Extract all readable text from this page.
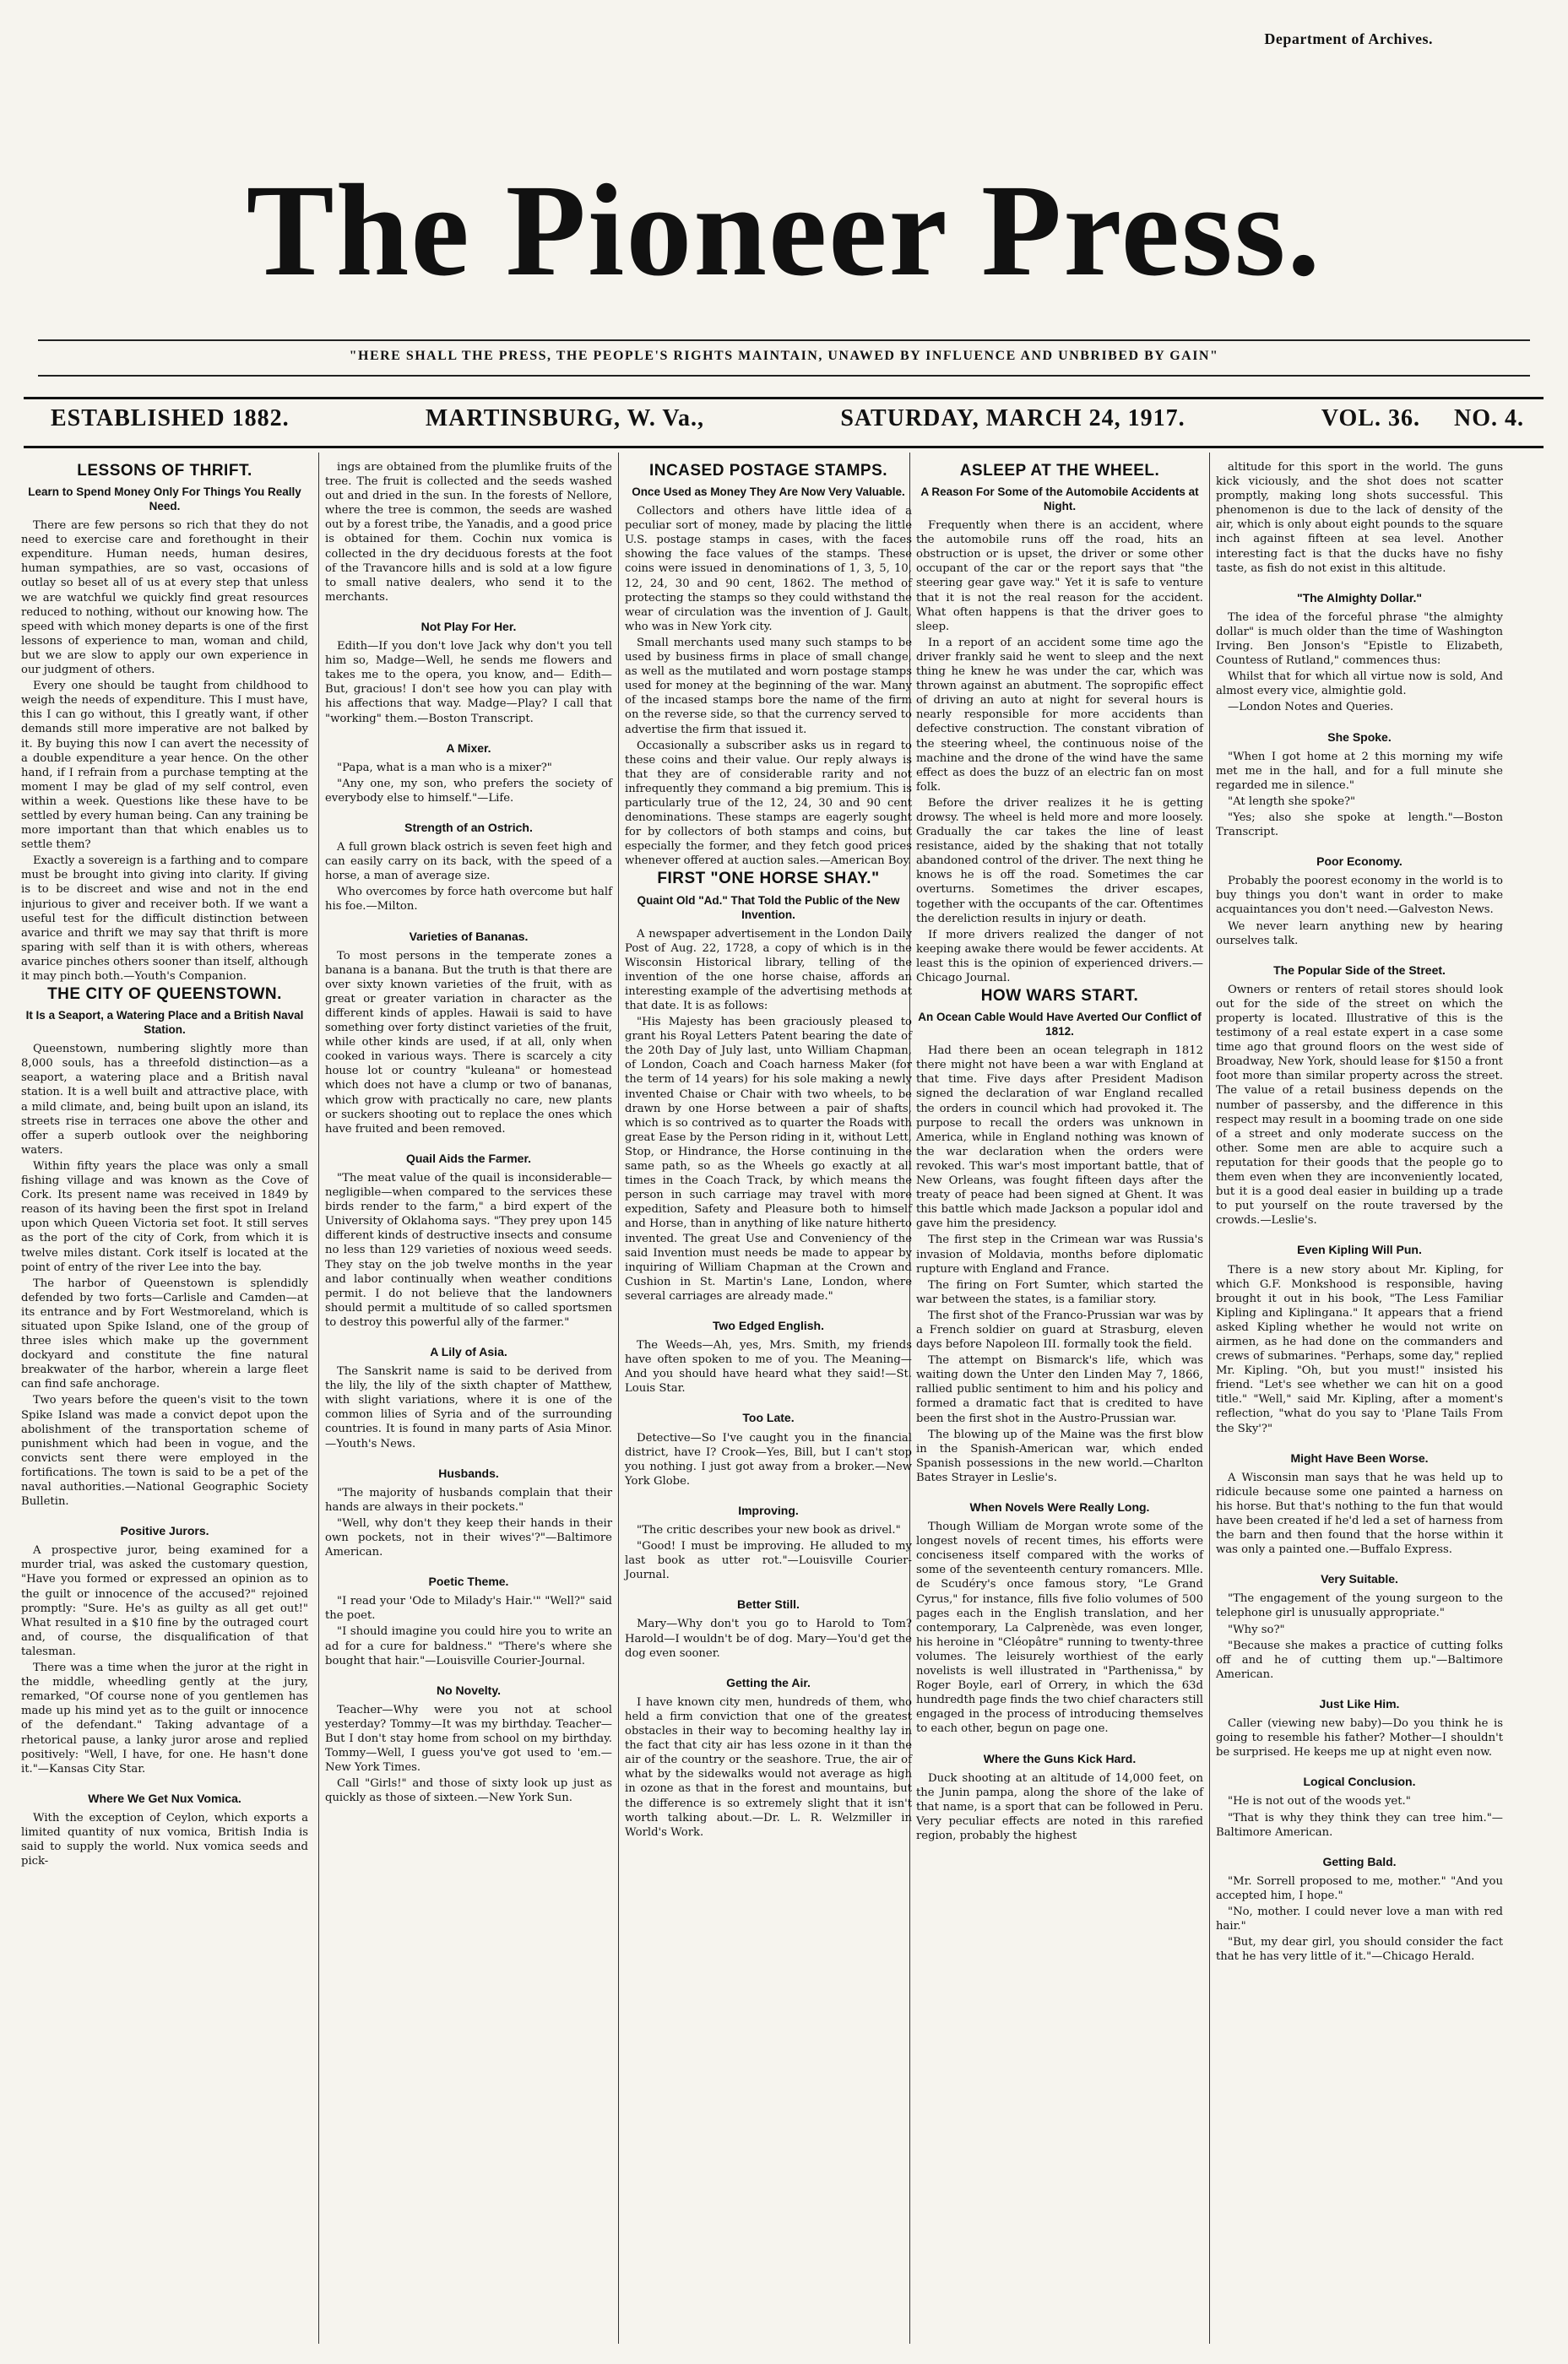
Department of Archives.
The Pioneer Press.
"HERE SHALL THE PRESS, THE PEOPLE'S RIGHTS MAINTAIN, UNAWED BY INFLUENCE AND UNBRIBED BY GAIN"
ESTABLISHED 1882.	MARTINSBURG, W. Va.,	SATURDAY, MARCH 24, 1917.	VOL. 36. NO. 4.
LESSONS OF THRIFT.
Learn to Spend Money Only For Things You Really Need.

There are few persons so rich that they do not need to exercise care and forethought in their expenditure. Human needs, human desires, human sympathies, are so vast, occasions of outlay so beset all of us at every step that unless we are watchful we quickly find great resources reduced to nothing, without our knowing how. The speed with which money departs is one of the first lessons of experience to man, woman and child, but we are slow to apply our own experience in our judgment of others.

Every one should be taught from childhood to weigh the needs of expenditure. This I must have, this I can go without, this I greatly want, if other demands still more imperative are not balked by it. By buying this now I can avert the necessity of a double expenditure a year hence. On the other hand, if I refrain from a purchase tempting at the moment I may be glad of my self control, even within a week. Questions like these have to be settled by every human being. Can any training be more important than that which enables us to settle them?

Exactly a sovereign is a farthing and to compare must be brought into giving into clarity. If giving is to be discreet and wise and not in the end injurious to giver and receiver both. If we want a useful test for the difficult distinction between avarice and thrift we may say that thrift is more sparing with self than it is with others, whereas avarice pinches others sooner than itself, although it may pinch both.—Youth's Companion.

THE CITY OF QUEENSTOWN.
It Is a Seaport, a Watering Place and a British Naval Station.

Queenstown, numbering slightly more than 8,000 souls, has a threefold distinction—as a seaport, a watering place and a British naval station. It is a well built and attractive place, with a mild climate, and, being built upon an island, its streets rise in terraces one above the other and offer a superb outlook over the neighboring waters.

Within fifty years the place was only a small fishing village and was known as the Cove of Cork. Its present name was received in 1849 by reason of its having been the first spot in Ireland upon which Queen Victoria set foot. It still serves as the port of the city of Cork, from which it is twelve miles distant. Cork itself is located at the point of entry of the river Lee into the bay.

The harbor of Queenstown is splendidly defended by two forts—Carlisle and Camden—at its entrance and by Fort Westmoreland, which is situated upon Spike Island, one of the group of three isles which make up the government dockyard and constitute the fine natural breakwater of the harbor, wherein a large fleet can find safe anchorage.

Two years before the queen's visit to the town Spike Island was made a convict depot upon the abolishment of the transportation scheme of punishment which had been in vogue, and the convicts sent there were employed in the fortifications. The town is said to be a pet of the naval authorities.—National Geographic Society Bulletin.

Positive Jurors.

A prospective juror, being examined for a murder trial, was asked the customary question, "Have you formed or expressed an opinion as to the guilt or innocence of the accused?" rejoined promptly: "Sure. He's as guilty as all get out!" What resulted in a $10 fine by the outraged court and, of course, the disqualification of that talesman.

There was a time when the juror at the right in the middle, wheedling gently at the jury, remarked, "Of course none of you gentlemen has made up his mind yet as to the guilt or innocence of the defendant." Taking advantage of a rhetorical pause, a lanky juror arose and replied positively: "Well, I have, for one. He hasn't done it."—Kansas City Star.

Where We Get Nux Vomica.

With the exception of Ceylon, which exports a limited quantity of nux vomica, British India is said to supply the world. Nux vomica seeds and pick-

ings are obtained from the plumlike fruits of the tree. The fruit is collected and the seeds washed out and dried in the sun. In the forests of Nellore, where the tree is common, the seeds are washed out by a forest tribe, the Yanadis, and a good price is obtained for them. Cochin nux vomica is collected in the dry deciduous forests at the foot of the Travancore hills and is sold at a low figure to small native dealers, who send it to the merchants.

Not Play For Her.

Edith—If you don't love Jack why don't you tell him so, Madge—Well, he sends me flowers and takes me to the opera, you know, and— Edith—But, gracious! I don't see how you can play with his affections that way. Madge—Play? I call that "working" them.—Boston Transcript.

A Mixer.

"Papa, what is a man who is a mixer?"

"Any one, my son, who prefers the society of everybody else to himself."—Life.

Strength of an Ostrich.

A full grown black ostrich is seven feet high and can easily carry on its back, with the speed of a horse, a man of average size.

Who overcomes by force hath overcome but half his foe.—Milton.

Varieties of Bananas.

To most persons in the temperate zones a banana is a banana. But the truth is that there are over sixty known varieties of the fruit, with as great or greater variation in character as the different kinds of apples. Hawaii is said to have something over forty distinct varieties of the fruit, while other kinds are used, if at all, only when cooked in various ways. There is scarcely a city house lot or country "kuleana" or homestead which does not have a clump or two of bananas, which grow with practically no care, new plants or suckers shooting out to replace the ones which have fruited and been removed.

Quail Aids the Farmer.

"The meat value of the quail is inconsiderable—negligible—when compared to the services these birds render to the farm," a bird expert of the University of Oklahoma says. "They prey upon 145 different kinds of destructive insects and consume no less than 129 varieties of noxious weed seeds. They stay on the job twelve months in the year and labor continually when weather conditions permit. I do not believe that the landowners should permit a multitude of so called sportsmen to destroy this powerful ally of the farmer."

A Lily of Asia.

The Sanskrit name is said to be derived from the lily, the lily of the sixth chapter of Matthew, with slight variations, where it is one of the common lilies of Syria and of the surrounding countries. It is found in many parts of Asia Minor.—Youth's News.

Husbands.

"The majority of husbands complain that their hands are always in their pockets."

"Well, why don't they keep their hands in their own pockets, not in their wives'?"—Baltimore American.

Poetic Theme.

"I read your 'Ode to Milady's Hair.'" "Well?" said the poet.

"I should imagine you could hire you to write an ad for a cure for baldness." "There's where she bought that hair."—Louisville Courier-Journal.

No Novelty.

Teacher—Why were you not at school yesterday? Tommy—It was my birthday. Teacher—But I don't stay home from school on my birthday. Tommy—Well, I guess you've got used to 'em.—New York Times.

Call "Girls!" and those of sixty look up just as quickly as those of sixteen.—New York Sun.

INCASED POSTAGE STAMPS.
Once Used as Money They Are Now Very Valuable.

Collectors and others have little idea of a peculiar sort of money, made by placing the little U.S. postage stamps in cases, with the faces showing the face values of the stamps. These coins were issued in denominations of 1, 3, 5, 10, 12, 24, 30 and 90 cent, 1862. The method of protecting the stamps so they could withstand the wear of circulation was the invention of J. Gault, who was in New York city.

Small merchants used many such stamps to be used by business firms in place of small change, as well as the mutilated and worn postage stamps used for money at the beginning of the war. Many of the incased stamps bore the name of the firm on the reverse side, so that the currency served to advertise the firm that issued it.

Occasionally a subscriber asks us in regard to these coins and their value. Our reply always is that they are of considerable rarity and not infrequently they command a big premium. This is particularly true of the 12, 24, 30 and 90 cent denominations. These stamps are eagerly sought for by collectors of both stamps and coins, but especially the former, and they fetch good prices whenever offered at auction sales.—American Boy.

FIRST "ONE HORSE SHAY."
Quaint Old "Ad." That Told the Public of the New Invention.

A newspaper advertisement in the London Daily Post of Aug. 22, 1728, a copy of which is in the Wisconsin Historical library, telling of the invention of the one horse chaise, affords an interesting example of the advertising methods at that date. It is as follows:

"His Majesty has been graciously pleased to grant his Royal Letters Patent bearing the date of the 20th Day of July last, unto William Chapman, of London, Coach and Coach harness Maker (for the term of 14 years) for his sole making a newly invented Chaise or Chair with two wheels, to be drawn by one Horse between a pair of shafts, which is so contrived as to quarter the Roads with great Ease by the Person riding in it, without Lett, Stop, or Hindrance, the Horse continuing in the same path, so as the Wheels go exactly at all times in the Coach Track, by which means the person in such carriage may travel with more expedition, Safety and Pleasure both to himself and Horse, than in anything of like nature hitherto invented. The great Use and Conveniency of the said Invention must needs be made to appear by inquiring of William Chapman at the Crown and Cushion in St. Martin's Lane, London, where several carriages are already made."

Two Edged English.

The Weeds—Ah, yes, Mrs. Smith, my friends have often spoken to me of you. The Meaning—And you should have heard what they said!—St. Louis Star.

Too Late.

Detective—So I've caught you in the financial district, have I? Crook—Yes, Bill, but I can't stop you nothing. I just got away from a broker.—New York Globe.

Improving.

"The critic describes your new book as drivel."

"Good! I must be improving. He alluded to my last book as utter rot."—Louisville Courier-Journal.

Better Still.

Mary—Why don't you go to Harold to Tom? Harold—I wouldn't be of dog. Mary—You'd get the dog even sooner.

Getting the Air.

I have known city men, hundreds of them, who held a firm conviction that one of the greatest obstacles in their way to becoming healthy lay in the fact that city air has less ozone in it than the air of the country or the seashore. True, the air of what by the sidewalks would not average as high in ozone as that in the forest and mountains, but the difference is so extremely slight that it isn't worth talking about.—Dr. L. R. Welzmiller in World's Work.

ASLEEP AT THE WHEEL.
A Reason For Some of the Automobile Accidents at Night.

Frequently when there is an accident, where the automobile runs off the road, hits an obstruction or is upset, the driver or some other occupant of the car or the report says that "the steering gear gave way." Yet it is safe to venture that it is not the real reason for the accident. What often happens is that the driver goes to sleep.

In a report of an accident some time ago the driver frankly said he went to sleep and the next thing he knew he was under the car, which was thrown against an abutment. The sopropific effect of driving an auto at night for several hours is nearly responsible for more accidents than defective construction. The constant vibration of the steering wheel, the continuous noise of the machine and the drone of the wind have the same effect as does the buzz of an electric fan on most folk.

Before the driver realizes it he is getting drowsy. The wheel is held more and more loosely. Gradually the car takes the line of least resistance, aided by the shaking that not totally abandoned control of the driver. The next thing he knows he is off the road. Sometimes the car overturns. Sometimes the driver escapes, together with the occupants of the car. Oftentimes the dereliction results in injury or death.

If more drivers realized the danger of not keeping awake there would be fewer accidents. At least this is the opinion of experienced drivers.—Chicago Journal.

HOW WARS START.
An Ocean Cable Would Have Averted Our Conflict of 1812.

Had there been an ocean telegraph in 1812 there might not have been a war with England at that time. Five days after President Madison signed the declaration of war England recalled the orders in council which had provoked it. The purpose to recall the orders was unknown in America, while in England nothing was known of the war declaration when the orders were revoked. This war's most important battle, that of New Orleans, was fought fifteen days after the treaty of peace had been signed at Ghent. It was this battle which made Jackson a popular idol and gave him the presidency.

The first step in the Crimean war was Russia's invasion of Moldavia, months before diplomatic rupture with England and France.

The firing on Fort Sumter, which started the war between the states, is a familiar story.

The first shot of the Franco-Prussian war was by a French soldier on guard at Strasburg, eleven days before Napoleon III. formally took the field.

The attempt on Bismarck's life, which was waiting down the Unter den Linden May 7, 1866, rallied public sentiment to him and his policy and formed a dramatic fact that is credited to have been the first shot in the Austro-Prussian war.

The blowing up of the Maine was the first blow in the Spanish-American war, which ended Spanish possessions in the new world.—Charlton Bates Strayer in Leslie's.

When Novels Were Really Long.

Though William de Morgan wrote some of the longest novels of recent times, his efforts were conciseness itself compared with the works of some of the seventeenth century romancers. Mlle. de Scudéry's once famous story, "Le Grand Cyrus," for instance, fills five folio volumes of 500 pages each in the English translation, and her contemporary, La Calprenède, was even longer, his heroine in "Cléopâtre" running to twenty-three volumes. The leisurely worthiest of the early novelists is well illustrated in "Parthenissa," by Roger Boyle, earl of Orrery, in which the 63d hundredth page finds the two chief characters still engaged in the process of introducing themselves to each other, begun on page one.

Where the Guns Kick Hard.

Duck shooting at an altitude of 14,000 feet, on the Junin pampa, along the shore of the lake of that name, is a sport that can be followed in Peru. Very peculiar effects are noted in this rarefied region, probably the highest

altitude for this sport in the world. The guns kick viciously, and the shot does not scatter promptly, making long shots successful. This phenomenon is due to the lack of density of the air, which is only about eight pounds to the square inch against fifteen at sea level. Another interesting fact is that the ducks have no fishy taste, as fish do not exist in this altitude.

"The Almighty Dollar."

The idea of the forceful phrase "the almighty dollar" is much older than the time of Washington Irving. Ben Jonson's "Epistle to Elizabeth, Countess of Rutland," commences thus:

Whilst that for which all virtue now is sold, And almost every vice, almightie gold.

—London Notes and Queries.

She Spoke.

"When I got home at 2 this morning my wife met me in the hall, and for a full minute she regarded me in silence."

"At length she spoke?"

"Yes; also she spoke at length."—Boston Transcript.

Poor Economy.

Probably the poorest economy in the world is to buy things you don't want in order to make acquaintances you don't need.—Galveston News.

We never learn anything new by hearing ourselves talk.

The Popular Side of the Street.

Owners or renters of retail stores should look out for the side of the street on which the property is located. Illustrative of this is the testimony of a real estate expert in a case some time ago that ground floors on the west side of Broadway, New York, should lease for $150 a front foot more than similar property across the street. The value of a retail business depends on the number of passersby, and the difference in this respect may result in a booming trade on one side of a street and only moderate success on the other. Some men are able to acquire such a reputation for their goods that the people go to them even when they are inconveniently located, but it is a good deal easier in building up a trade to put yourself on the route traversed by the crowds.—Leslie's.

Even Kipling Will Pun.

There is a new story about Mr. Kipling, for which G.F. Monkshood is responsible, having brought it out in his book, "The Less Familiar Kipling and Kiplingana." It appears that a friend asked Kipling whether he would not write on airmen, as he had done on the commanders and crews of submarines. "Perhaps, some day," replied Mr. Kipling. "Oh, but you must!" insisted his friend. "Let's see whether we can hit on a good title." "Well," said Mr. Kipling, after a moment's reflection, "what do you say to 'Plane Tails From the Sky'?"

Might Have Been Worse.

A Wisconsin man says that he was held up to ridicule because some one painted a harness on his horse. But that's nothing to the fun that would have been created if he'd led a set of harness from the barn and then found that the horse within it was only a painted one.—Buffalo Express.

Very Suitable.

"The engagement of the young surgeon to the telephone girl is unusually appropriate."

"Why so?"

"Because she makes a practice of cutting folks off and he of cutting them up."—Baltimore American.

Just Like Him.

Caller (viewing new baby)—Do you think he is going to resemble his father? Mother—I shouldn't be surprised. He keeps me up at night even now.

Logical Conclusion.

"He is not out of the woods yet."

"That is why they think they can tree him."—Baltimore American.

Getting Bald.

"Mr. Sorrell proposed to me, mother." "And you accepted him, I hope."

"No, mother. I could never love a man with red hair."

"But, my dear girl, you should consider the fact that he has very little of it."—Chicago Herald.
